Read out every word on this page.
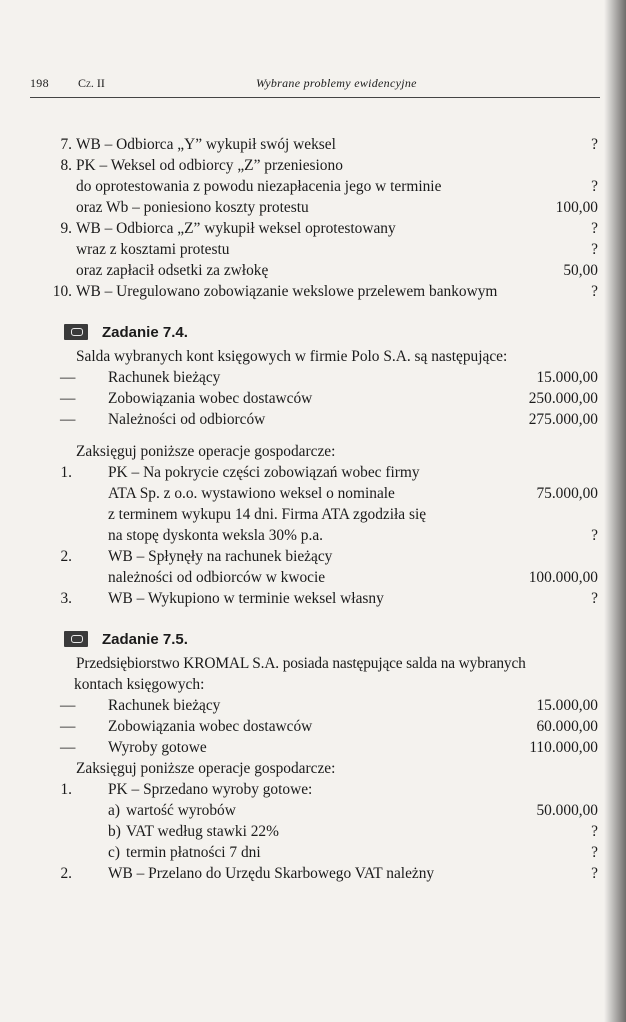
198 Cz. II	Wybrane problemy ewidencyjne
7. WB – Odbiorca „Y” wykupił swój weksel	?
8. PK – Weksel od odbiorcy „Z” przeniesiono
do oprotestowania z powodu niezapłacenia jego w terminie	?
oraz Wb – poniesiono koszty protestu	100,00
9. WB – Odbiorca „Z” wykupił weksel oprotestowany	?
wraz z kosztami protestu	?
oraz zapłacił odsetki za zwłokę	50,00
10. WB – Uregulowano zobowiązanie wekslowe przelewem bankowym	?
Zadanie 7.4.
Salda wybranych kont księgowych w firmie Polo S.A. są następujące:
— Rachunek bieżący	15.000,00
— Zobowiązania wobec dostawców	250.000,00
— Należności od odbiorców	275.000,00
Zaksięguj poniższe operacje gospodarcze:
1. PK – Na pokrycie części zobowiązań wobec firmy
ATA Sp. z o.o. wystawiono weksel o nominale	75.000,00
z terminem wykupu 14 dni. Firma ATA zgodziła się
na stopę dyskonta weksla 30% p.a.	?
2. WB – Spłynęły na rachunek bieżący
należności od odbiorców w kwocie	100.000,00
3. WB – Wykupiono w terminie weksel własny	?
Zadanie 7.5.
Przedsiębiorstwo KROMAL S.A. posiada następujące salda na wybranych
kontach księgowych:
— Rachunek bieżący	15.000,00
— Zobowiązania wobec dostawców	60.000,00
— Wyroby gotowe	110.000,00
Zaksięguj poniższe operacje gospodarcze:
1. PK – Sprzedano wyroby gotowe:
a) wartość wyrobów	50.000,00
b) VAT według stawki 22%	?
c) termin płatności 7 dni	?
2. WB – Przelano do Urzędu Skarbowego VAT należny	?
